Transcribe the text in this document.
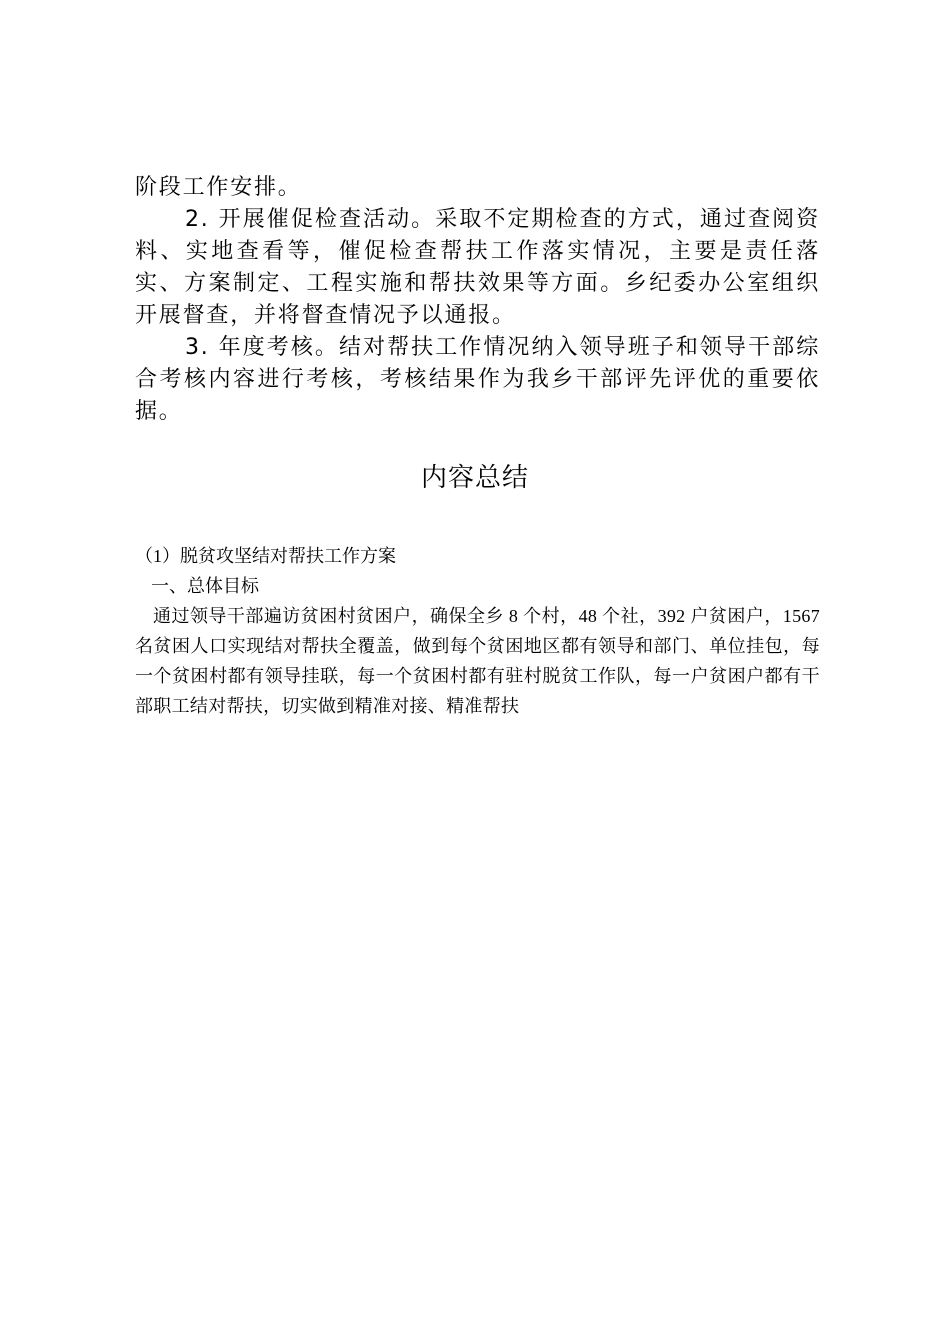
阶段工作安排。

2. 开展催促检查活动。采取不定期检查的方式，通过查阅资料、实地查看等，催促检查帮扶工作落实情况，主要是责任落实、方案制定、工程实施和帮扶效果等方面。乡纪委办公室组织开展督查，并将督查情况予以通报。

3. 年度考核。结对帮扶工作情况纳入领导班子和领导干部综合考核内容进行考核，考核结果作为我乡干部评先评优的重要依据。

内容总结

（1）脱贫攻坚结对帮扶工作方案

一、总体目标

通过领导干部遍访贫困村贫困户，确保全乡 8 个村，48 个社，392 户贫困户，1567 名贫困人口实现结对帮扶全覆盖，做到每个贫困地区都有领导和部门、单位挂包，每一个贫困村都有领导挂联，每一个贫困村都有驻村脱贫工作队，每一户贫困户都有干部职工结对帮扶，切实做到精准对接、精准帮扶
